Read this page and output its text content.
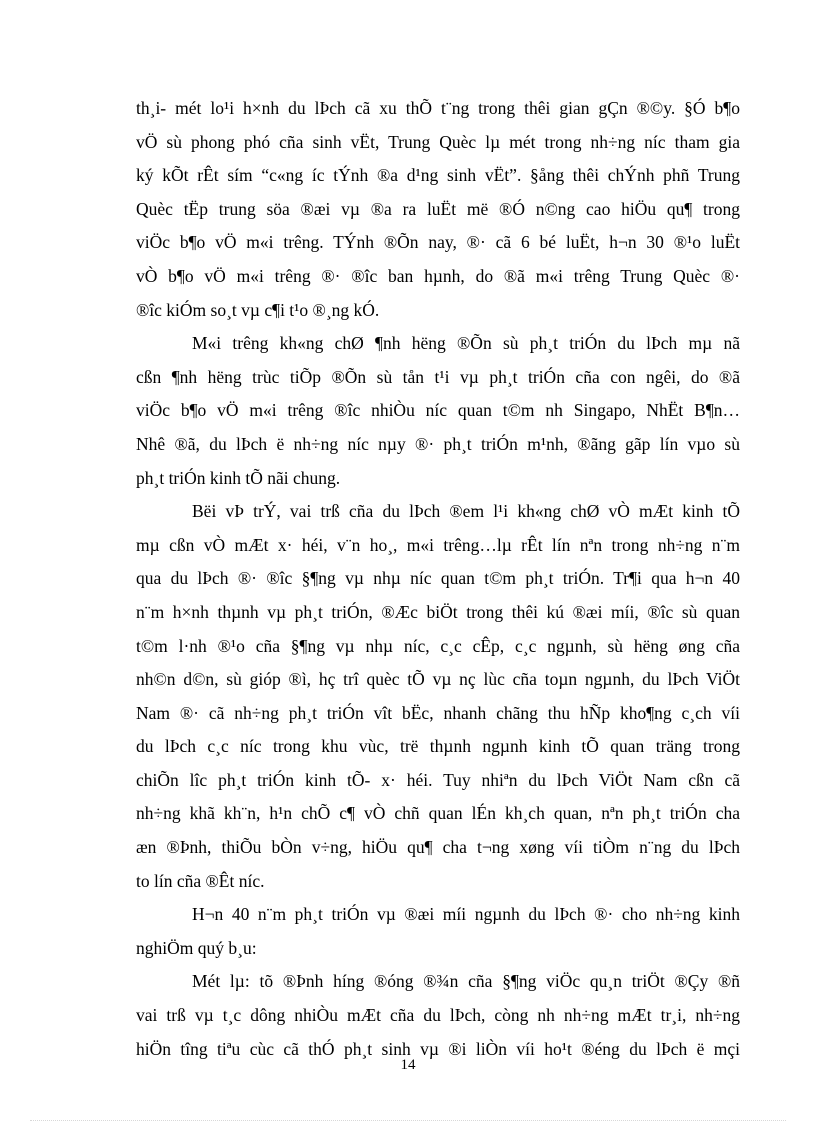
th¸i- mét lo¹i h×nh du lÞch cã xu thÕ t¨ng trong thêi gian gÇn ®©y. §Ó b¶o
vÖ sù phong phó cña sinh vËt, Trung Quèc lµ mét trong nh÷ng níc tham gia
ký kÕt rÊt sím “c«ng íc tÝnh ®a d¹ng sinh vËt”. §ång thêi chÝnh phñ Trung
Quèc tËp trung söa ®æi vµ ®a ra luËt më ®Ó n©ng cao hiÖu qu¶ trong
viÖc b¶o vÖ m«i trêng. TÝnh ®Õn nay, ®· cã 6 bé luËt, h¬n 30 ®¹o luËt
vÒ b¶o vÖ m«i trêng ®· ®îc ban hµnh, do ®ã m«i trêng Trung Quèc ®·
®îc kiÓm so¸t vµ c¶i t¹o ®¸ng kÓ.
M«i trêng kh«ng chØ ¶nh hëng ®Õn sù ph¸t triÓn du lÞch mµ nã
cßn ¶nh hëng trùc tiÕp ®Õn sù tån t¹i vµ ph¸t triÓn cña con ngêi, do ®ã
viÖc b¶o vÖ m«i trêng ®îc nhiÒu níc quan t©m nh Singapo, NhËt B¶n…
Nhê ®ã, du lÞch ë nh÷ng níc nµy ®· ph¸t triÓn m¹nh, ®ãng gãp lín vµo sù
ph¸t triÓn kinh tÕ nãi chung.
Bëi vÞ trÝ, vai trß cña du lÞch ®em l¹i kh«ng chØ vÒ mÆt kinh tÕ
mµ cßn vÒ mÆt x· héi, v¨n ho¸, m«i trêng…lµ rÊt lín nªn trong nh÷ng n¨m
qua du lÞch ®· ®îc §¶ng vµ nhµ níc quan t©m ph¸t triÓn. Tr¶i qua h¬n 40
n¨m h×nh thµnh vµ ph¸t triÓn, ®Æc biÖt trong thêi kú ®æi míi, ®îc sù quan
t©m l·nh ®¹o cña §¶ng vµ nhµ níc, c¸c cÊp, c¸c ngµnh, sù hëng øng cña
nh©n d©n, sù gióp ®ì, hç trî quèc tÕ vµ nç lùc cña toµn ngµnh, du lÞch ViÖt
Nam ®· cã nh÷ng ph¸t triÓn vît bËc, nhanh chãng thu hÑp kho¶ng c¸ch víi
du lÞch c¸c níc trong khu vùc, trë thµnh ngµnh kinh tÕ quan träng trong
chiÕn lîc ph¸t triÓn kinh tÕ- x· héi. Tuy nhiªn du lÞch ViÖt Nam cßn cã
nh÷ng khã kh¨n, h¹n chÕ c¶ vÒ chñ quan lÉn kh¸ch quan, nªn ph¸t triÓn cha
æn ®Þnh, thiÕu bÒn v÷ng, hiÖu qu¶ cha t¬ng xøng víi tiÒm n¨ng du lÞch
to lín cña ®Êt níc.
H¬n 40 n¨m ph¸t triÓn vµ ®æi míi ngµnh du lÞch ®· cho nh÷ng kinh
nghiÖm quý b¸u:
Mét lµ: tõ ®Þnh híng ®óng ®¾n cña §¶ng viÖc qu¸n triÖt ®Çy ®ñ
vai trß vµ t¸c dông nhiÒu mÆt cña du lÞch, còng nh nh÷ng mÆt tr¸i, nh÷ng
hiÖn tîng tiªu cùc cã thÓ ph¸t sinh vµ ®i liÒn víi ho¹t ®éng du lÞch ë mçi
14
